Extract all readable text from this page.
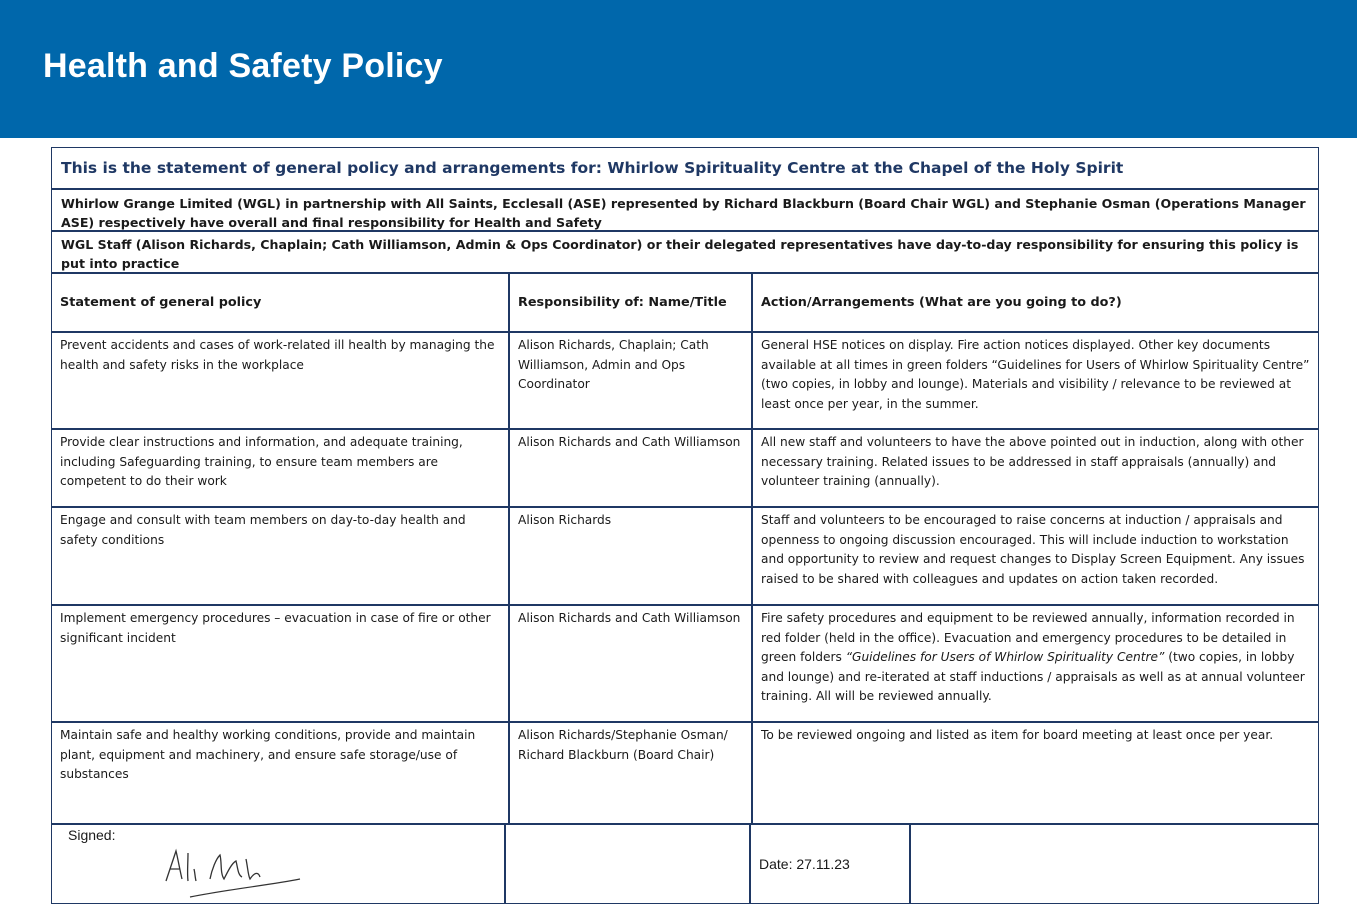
Health and Safety Policy
This is the statement of general policy and arrangements for: Whirlow Spirituality Centre at the Chapel of the Holy Spirit
Whirlow Grange Limited (WGL) in partnership with All Saints, Ecclesall (ASE) represented by Richard Blackburn (Board Chair WGL) and Stephanie Osman (Operations Manager ASE) respectively have overall and final responsibility for Health and Safety
WGL Staff (Alison Richards, Chaplain; Cath Williamson, Admin & Ops Coordinator) or their delegated representatives have day-to-day responsibility for ensuring this policy is put into practice
Statement of general policy	Responsibility of: Name/Title	Action/Arrangements (What are you going to do?)
Prevent accidents and cases of work-related ill health by managing the health and safety risks in the workplace	Alison Richards, Chaplain; Cath Williamson, Admin and Ops Coordinator	General HSE notices on display. Fire action notices displayed. Other key documents available at all times in green folders “Guidelines for Users of Whirlow Spirituality Centre” (two copies, in lobby and lounge). Materials and visibility / relevance to be reviewed at least once per year, in the summer.
Provide clear instructions and information, and adequate training, including Safeguarding training, to ensure team members are competent to do their work	Alison Richards and Cath Williamson	All new staff and volunteers to have the above pointed out in induction, along with other necessary training. Related issues to be addressed in staff appraisals (annually) and volunteer training (annually).
Engage and consult with team members on day-to-day health and safety conditions	Alison Richards	Staff and volunteers to be encouraged to raise concerns at induction / appraisals and openness to ongoing discussion encouraged. This will include induction to workstation and opportunity to review and request changes to Display Screen Equipment. Any issues raised to be shared with colleagues and updates on action taken recorded.
Implement emergency procedures – evacuation in case of fire or other significant incident	Alison Richards and Cath Williamson	Fire safety procedures and equipment to be reviewed annually, information recorded in red folder (held in the office). Evacuation and emergency procedures to be detailed in green folders “Guidelines for Users of Whirlow Spirituality Centre” (two copies, in lobby and lounge) and re-iterated at staff inductions / appraisals as well as at annual volunteer training. All will be reviewed annually.
Maintain safe and healthy working conditions, provide and maintain plant, equipment and machinery, and ensure safe storage/use of substances	Alison Richards/Stephanie Osman/ Richard Blackburn (Board Chair)	To be reviewed ongoing and listed as item for board meeting at least once per year.
Signed:
Date: 27.11.23
